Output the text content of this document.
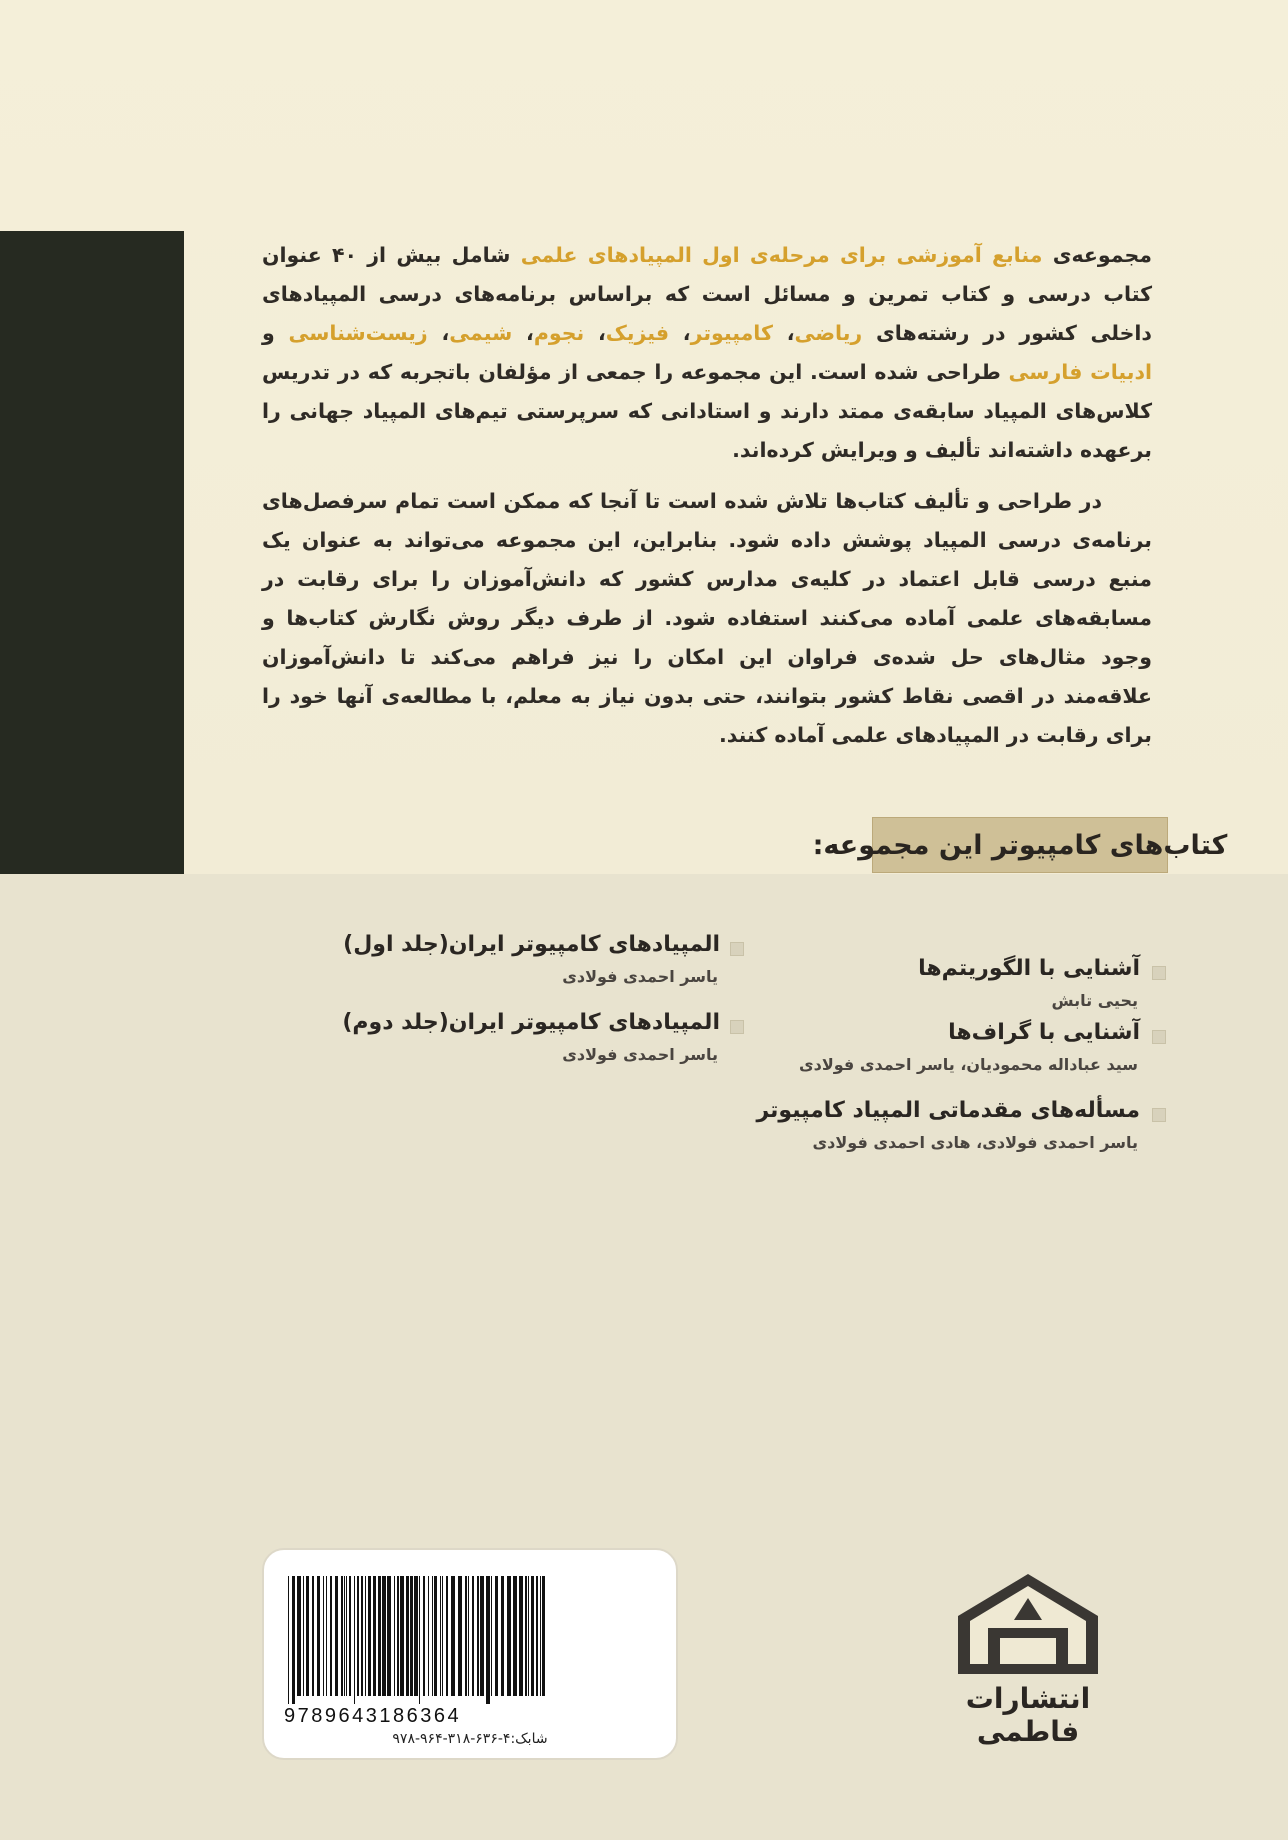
مجموعه‌ی منابع آموزشی برای مرحله‌ی اول المپیادهای علمی شامل بیش از ۴۰ عنوان کتاب درسی و کتاب تمرین و مسائل است که براساس برنامه‌های درسی المپیادهای داخلی کشور در رشته‌های ریاضی، کامپیوتر، فیزیک، نجوم، شیمی، زیست‌شناسی و ادبیات فارسی طراحی شده است. این مجموعه را جمعی از مؤلفان باتجربه که در تدریس کلاس‌های المپیاد سابقه‌ی ممتد دارند و استادانی که سرپرستی تیم‌های المپیاد جهانی را برعهده داشته‌اند تألیف و ویرایش کرده‌اند.

در طراحی و تألیف کتاب‌ها تلاش شده است تا آنجا که ممکن است تمام سرفصل‌های برنامه‌ی درسی المپیاد پوشش داده شود. بنابراین، این مجموعه می‌تواند به عنوان یک منبع درسی قابل اعتماد در کلیه‌ی مدارس کشور که دانش‌آموزان را برای رقابت در مسابقه‌های علمی آماده می‌کنند استفاده شود. از طرف دیگر روش نگارش کتاب‌ها و وجود مثال‌های حل شده‌ی فراوان این امکان را نیز فراهم می‌کند تا دانش‌آموزان علاقه‌مند در اقصی نقاط کشور بتوانند، حتی بدون نیاز به معلم، با مطالعه‌ی آنها خود را برای رقابت در المپیادهای علمی آماده کنند.

کتاب‌های کامپیوتر این مجموعه:
آشنایی با الگوریتم‌ها
یحیی تابش
آشنایی با گراف‌ها
سید عباداله محمودیان، یاسر احمدی فولادی
مسأله‌های مقدماتی المپیاد کامپیوتر
یاسر احمدی فولادی، هادی احمدی فولادی
المپیادهای کامپیوتر ایران(جلد اول)
یاسر احمدی فولادی
المپیادهای کامپیوتر ایران(جلد دوم)
یاسر احمدی فولادی
9789643186364
شابک:۴-۶۳۶-۳۱۸-۹۶۴-۹۷۸
انتشارات فاطمی
